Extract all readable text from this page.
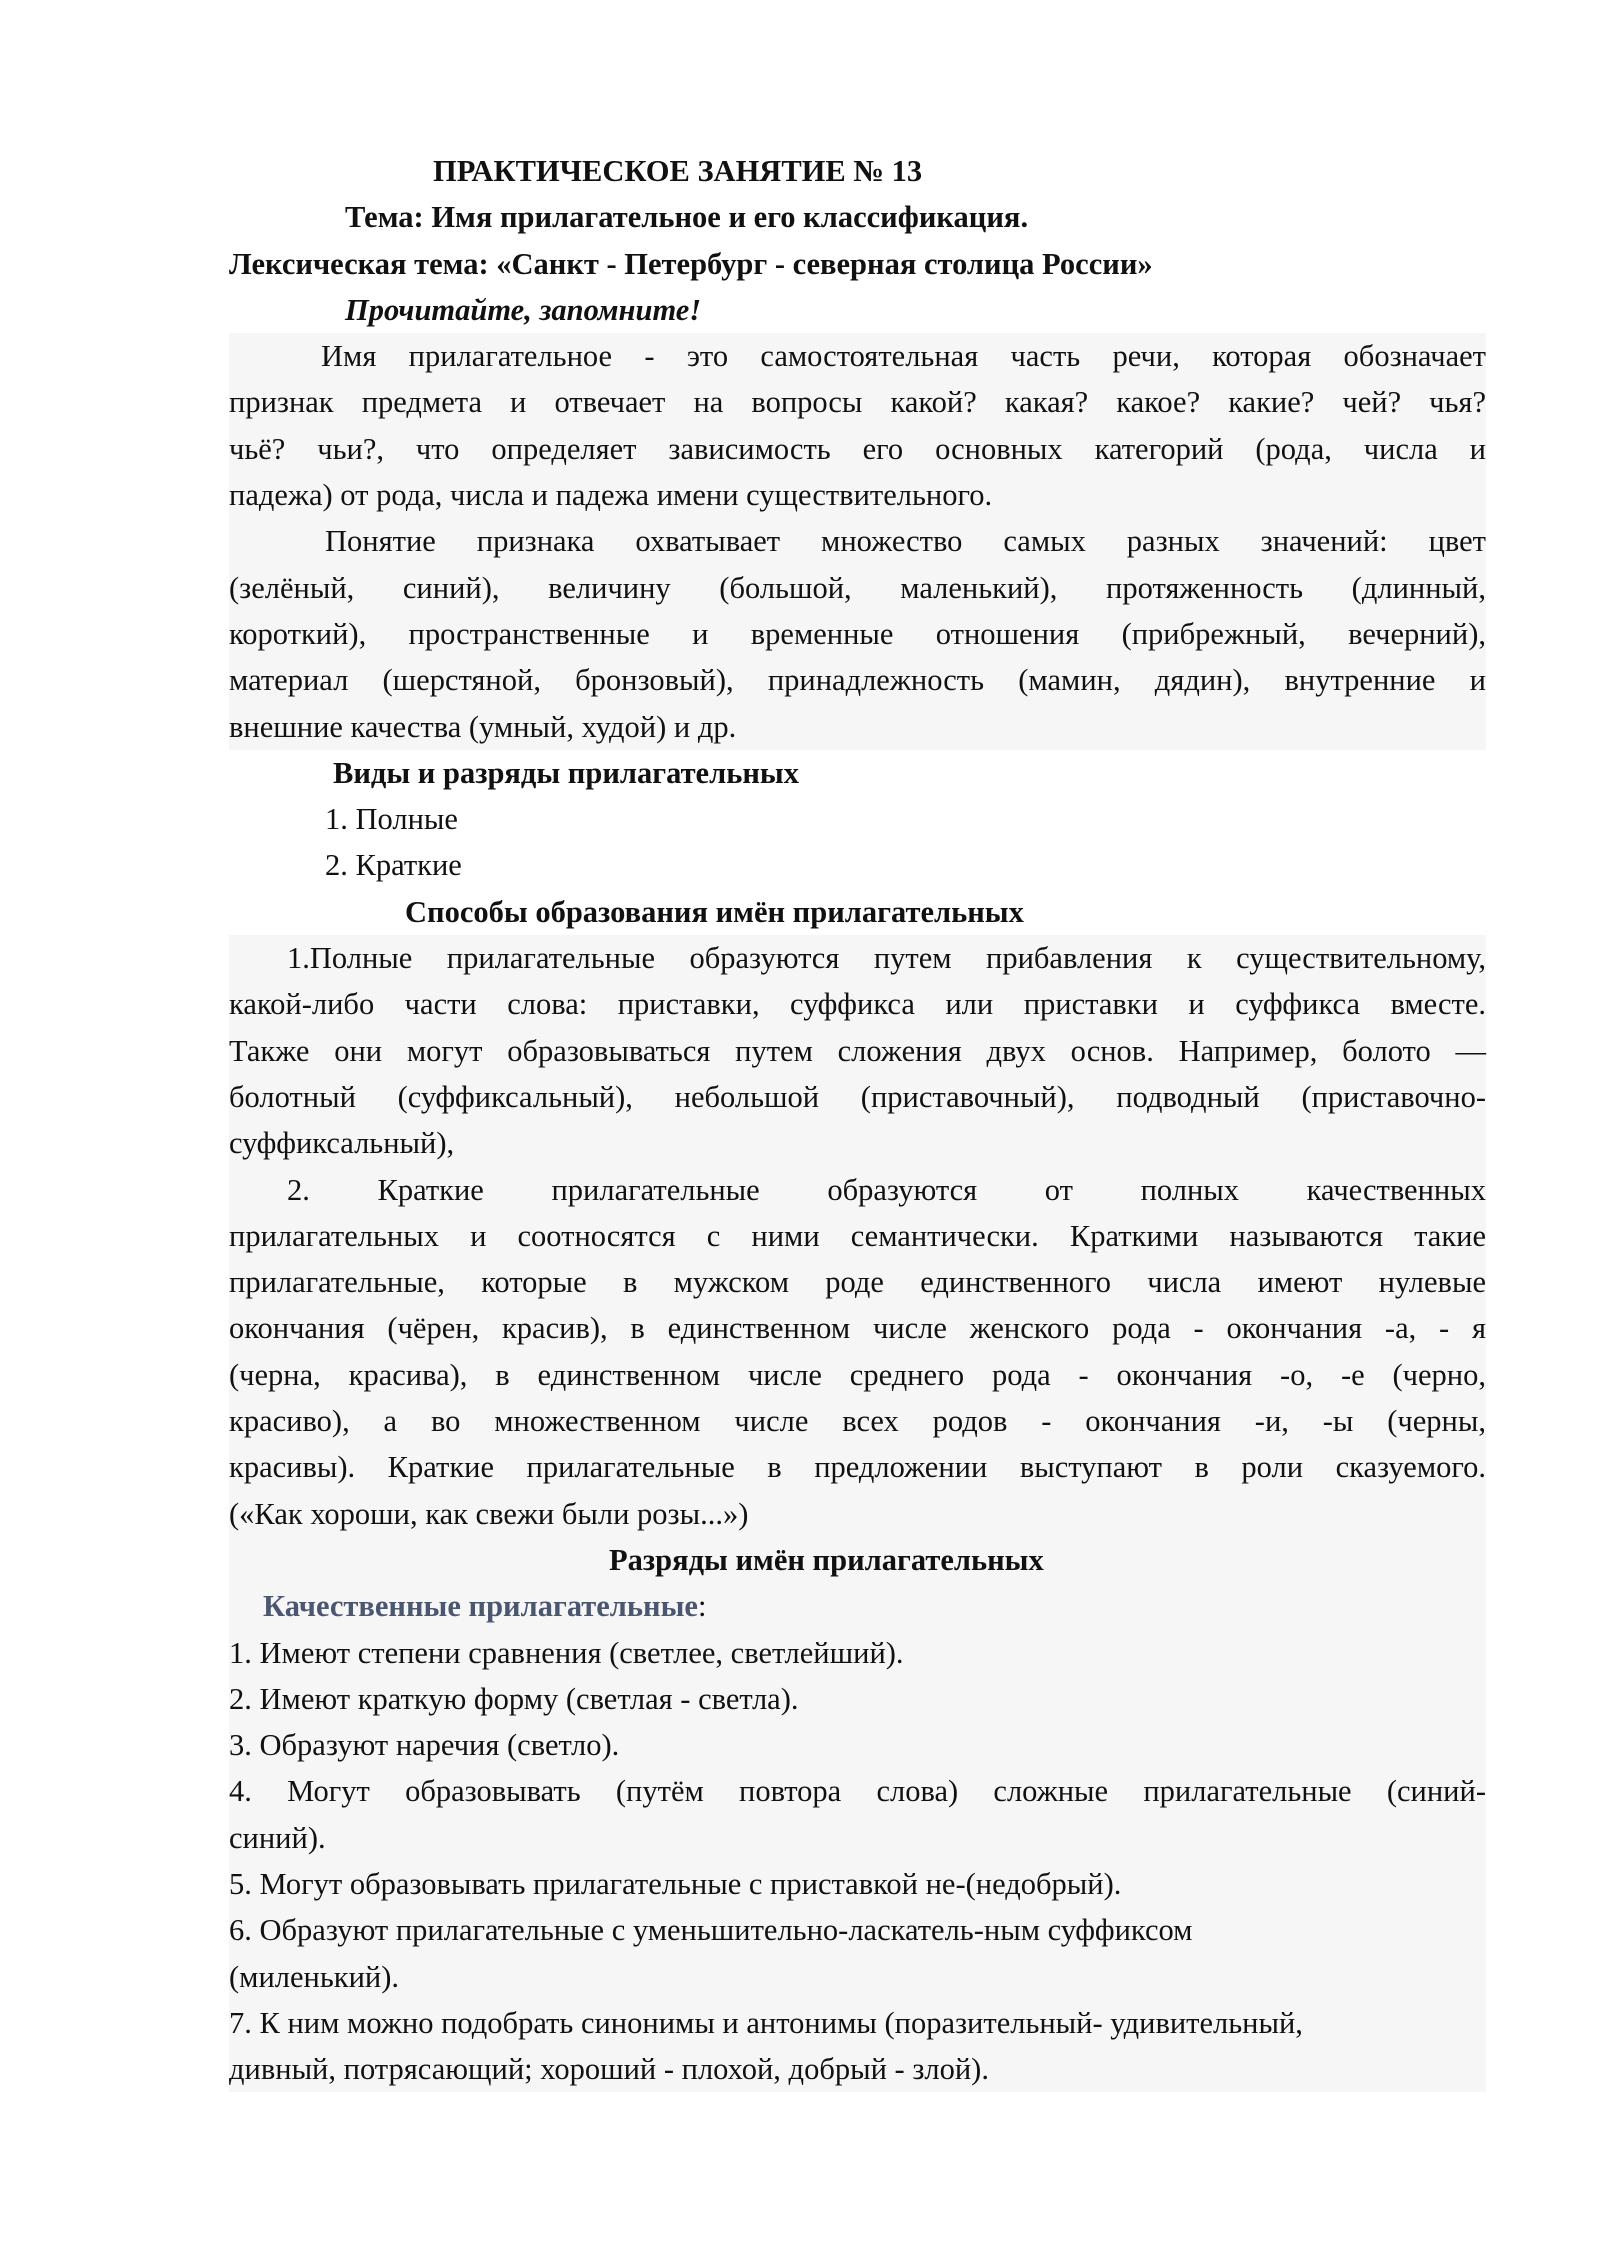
ПРАКТИЧЕСКОЕ ЗАНЯТИЕ № 13
Тема: Имя прилагательное и его классификация.
Лексическая тема: «Санкт - Петербург - северная столица России»
Прочитайте, запомните!
Имя прилагательное - это самостоятельная часть речи, которая обозначает
признак предмета и отвечает на вопросы какой? какая? какое? какие? чей? чья?
чьё? чьи?, что определяет зависимость его основных категорий (рода, числа и
падежа) от рода, числа и падежа имени существительного.
Понятие признака охватывает множество самых разных значений: цвет
(зелёный, синий), величину (большой, маленький), протяженность (длинный,
короткий), пространственные и временные отношения (прибрежный, вечерний),
материал (шерстяной, бронзовый), принадлежность (мамин, дядин), внутренние и
внешние качества (умный, худой) и др.
Виды и разряды прилагательных
1. Полные
2. Краткие
Способы образования имён прилагательных
1.Полные прилагательные образуются путем прибавления к существительному,
какой-либо части слова: приставки, суффикса или приставки и суффикса вместе.
Также они могут образовываться путем сложения двух основ. Например, болото —
болотный (суффиксальный), небольшой (приставочный), подводный (приставочно-
суффиксальный),
2. Краткие прилагательные образуются от полных качественных
прилагательных и соотносятся с ними семантически. Краткими называются такие
прилагательные, которые в мужском роде единственного числа имеют нулевые
окончания (чёрен, красив), в единственном числе женского рода - окончания -а, - я
(черна, красива), в единственном числе среднего рода - окончания -о, -е (черно,
красиво), а во множественном числе всех родов - окончания -и, -ы (черны,
красивы). Краткие прилагательные в предложении выступают в роли сказуемого.
(«Как хороши, как свежи были розы...»)
Разряды имён прилагательных
Качественные прилагательные:
1. Имеют степени сравнения (светлее, светлейший).
2. Имеют краткую форму (светлая - светла).
3. Образуют наречия (светло).
4. Могут образовывать (путём повтора слова) сложные прилагательные (синий-
синий).
5. Могут образовывать прилагательные с приставкой не-(недобрый).
6. Образуют прилагательные с уменьшительно-ласкатель-ным суффиксом
(миленький).
7. К ним можно подобрать синонимы и антонимы (поразительный- удивительный,
дивный, потрясающий; хороший - плохой, добрый - злой).
